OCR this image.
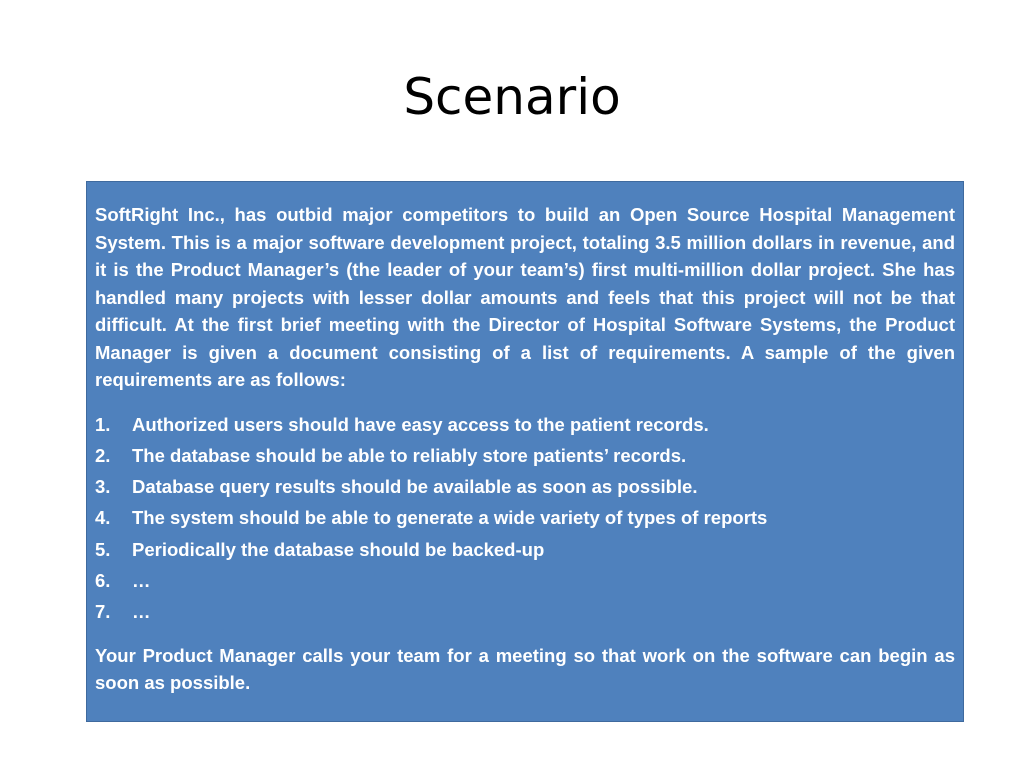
Scenario

SoftRight Inc., has outbid major competitors to build an Open Source Hospital Management System. This is a major software development project, totaling 3.5 million dollars in revenue, and it is the Product Manager’s (the leader of your team’s) first multi-million dollar project. She has handled many projects with lesser dollar amounts and feels that this project will not be that difficult. At the first brief meeting with the Director of Hospital Software Systems, the Product Manager is given a document consisting of a list of requirements. A sample of the given requirements are as follows:

1.	Authorized users should have easy access to the patient records.
2.	The database should be able to reliably store patients’ records.
3.	Database query results should be available as soon as possible.
4.	The system should be able to generate a wide variety of types of reports
5.	Periodically the database should be backed-up
6.	…
7.	…

Your Product Manager calls your team for a meeting so that work on the software can begin as soon as possible.
